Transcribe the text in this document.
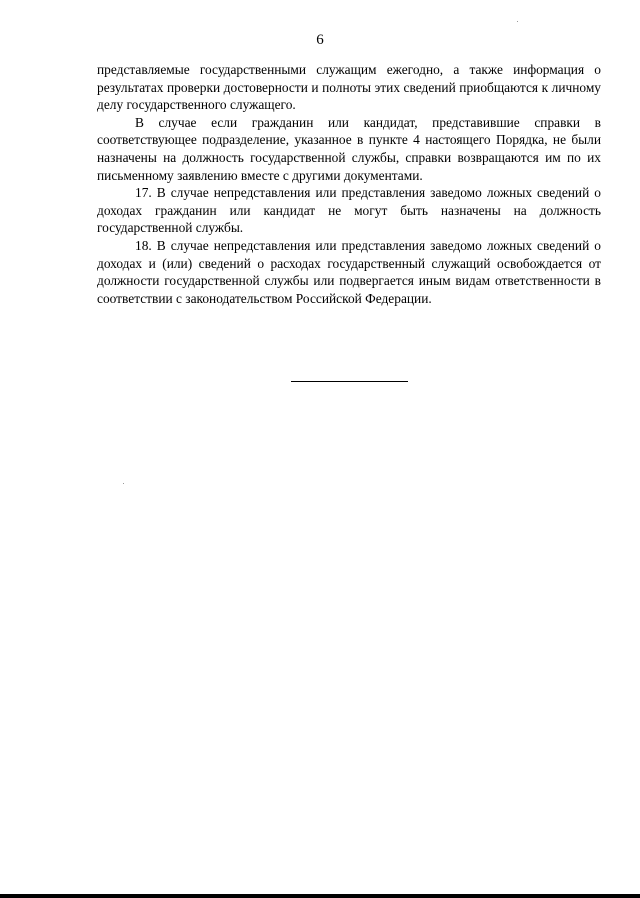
6

представляемые государственными служащим ежегодно, а также информация о результатах проверки достоверности и полноты этих сведений приобщаются к личному делу государственного служащего.

В случае если гражданин или кандидат, представившие справки в соответствующее подразделение, указанное в пункте 4 настоящего Порядка, не были назначены на должность государственной службы, справки возвращаются им по их письменному заявлению вместе с другими документами.

17. В случае непредставления или представления заведомо ложных сведений о доходах гражданин или кандидат не могут быть назначены на должность государственной службы.

18. В случае непредставления или представления заведомо ложных сведений о доходах и (или) сведений о расходах государственный служащий освобождается от должности государственной службы или подвергается иным видам ответственности в соответствии с законодательством Российской Федерации.
